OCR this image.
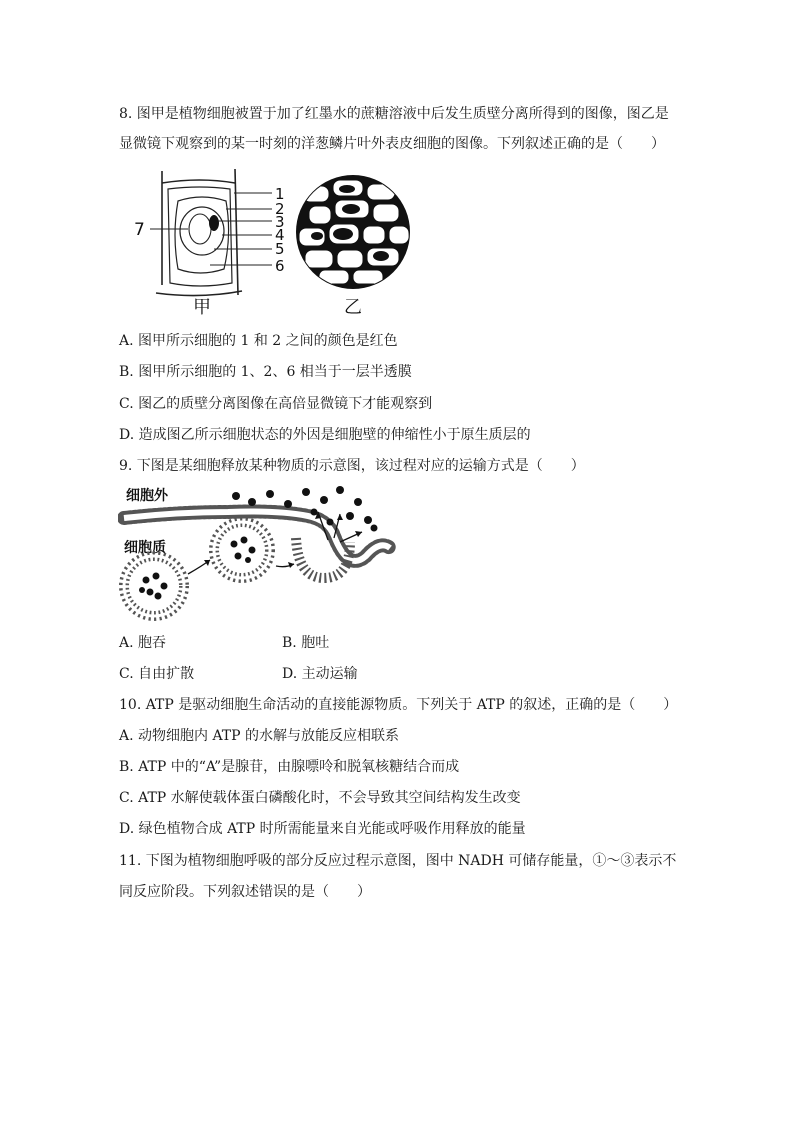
8. 图甲是植物细胞被置于加了红墨水的蔗糖溶液中后发生质壁分离所得到的图像，图乙是
显微镜下观察到的某一时刻的洋葱鳞片叶外表皮细胞的图像。下列叙述正确的是（　　）
1
2
3
4
5
6
7
甲	乙
A. 图甲所示细胞的 1 和 2 之间的颜色是红色
B. 图甲所示细胞的 1、2、6 相当于一层半透膜
C. 图乙的质壁分离图像在高倍显微镜下才能观察到
D. 造成图乙所示细胞状态的外因是细胞壁的伸缩性小于原生质层的
9. 下图是某细胞释放某种物质的示意图，该过程对应的运输方式是（　　）
细胞外
细胞质
A. 胞吞	B. 胞吐
C. 自由扩散	D. 主动运输
10. ATP 是驱动细胞生命活动的直接能源物质。下列关于 ATP 的叙述，正确的是（　　）
A. 动物细胞内 ATP 的水解与放能反应相联系
B. ATP 中的“A”是腺苷，由腺嘌呤和脱氧核糖结合而成
C. ATP 水解使载体蛋白磷酸化时，不会导致其空间结构发生改变
D. 绿色植物合成 ATP 时所需能量来自光能或呼吸作用释放的能量
11. 下图为植物细胞呼吸的部分反应过程示意图，图中 NADH 可储存能量，①～③表示不
同反应阶段。下列叙述错误的是（　　）
